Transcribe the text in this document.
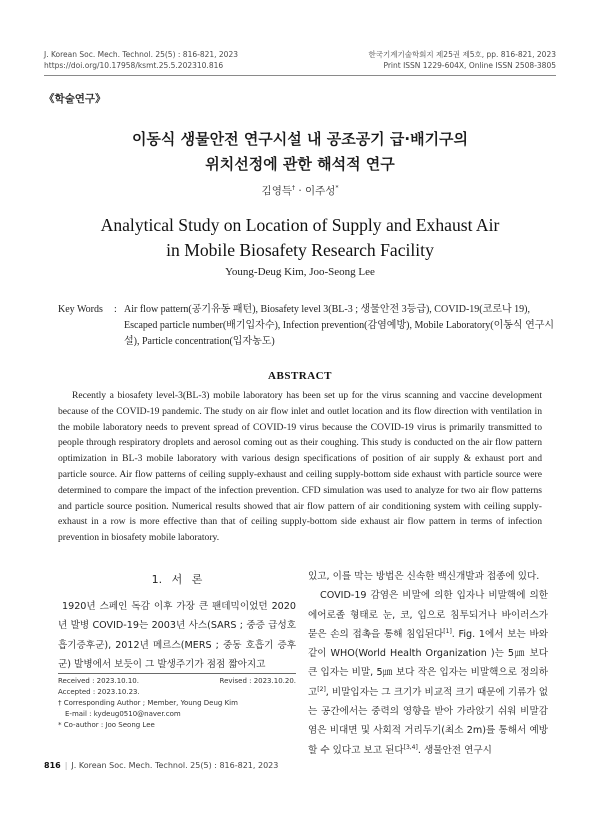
J. Korean Soc. Mech. Technol. 25(5) : 816-821, 2023
https://doi.org/10.17958/ksmt.25.5.202310.816
한국기계기술학회지 제25권 제5호, pp. 816-821, 2023
Print ISSN 1229-604X, Online ISSN 2508-3805
《학술연구》
이동식 생물안전 연구시설 내 공조공기 급·배기구의
위치선정에 관한 해석적 연구
김영득† · 이주성*
Analytical Study on Location of Supply and Exhaust Air
in Mobile Biosafety Research Facility
Young-Deug Kim, Joo-Seong Lee
Key Words	: Air flow pattern(공기유동 패턴), Biosafety level 3(BL-3 ; 생물안전 3등급), COVID-19(코로나 19), Escaped particle number(배기입자수), Infection prevention(감염예방), Mobile Laboratory(이동식 연구시설), Particle concentration(입자농도)
ABSTRACT

Recently a biosafety level-3(BL-3) mobile laboratory has been set up for the virus scanning and vaccine development because of the COVID-19 pandemic. The study on air flow inlet and outlet location and its flow direction with ventilation in the mobile laboratory needs to prevent spread of COVID-19 virus because the COVID-19 virus is primarily transmitted to people through respiratory droplets and aerosol coming out as their coughing. This study is conducted on the air flow pattern optimization in BL-3 mobile laboratory with various design specifications of position of air supply & exhaust port and particle source. Air flow patterns of ceiling supply-exhaust and ceiling supply-bottom side exhaust with particle source were determined to compare the impact of the infection prevention. CFD simulation was used to analyze for two air flow patterns and particle source position. Numerical results showed that air flow pattern of air conditioning system with ceiling supply-exhaust in a row is more effective than that of ceiling supply-bottom side exhaust air flow pattern in terms of infection prevention in biosafety mobile laboratory.

1. 서 론

1920년 스페인 독감 이후 가장 큰 팬데믹이었던 2020년 발병 COVID-19는 2003년 사스(SARS ; 중증 급성호흡기증후군), 2012년 메르스(MERS ; 중동 호흡기 증후군) 발병에서 보듯이 그 발생주기가 점점 짧아지고

있고, 이를 막는 방법은 신속한 백신개발과 접종에 있다.
COVID-19 감염은 비말에 의한 입자나 비말핵에 의한 에어로졸 형태로 눈, 코, 입으로 침투되거나 바이러스가 묻은 손의 접촉을 통해 침입된다[1]. Fig. 1에서 보는 바와 같이 WHO(World Health Organization )는 5㎛ 보다 큰 입자는 비말, 5㎛ 보다 작은 입자는 비말핵으로 정의하고[2], 비말입자는 그 크기가 비교적 크기 때문에 기류가 없는 공간에서는 중력의 영향을 받아 가라앉기 쉬워 비말감염은 비대면 및 사회적 거리두기(최소 2m)를 통해서 예방할 수 있다고 보고 된다[3,4]. 생물안전 연구시
Received : 2023.10.10.	Revised : 2023.10.20.
Accepted : 2023.10.23.
† Corresponding Author ; Member, Young Deug Kim
E-mail : kydeug0510@naver.com
* Co-author : Joo Seong Lee
816 | J. Korean Soc. Mech. Technol. 25(5) : 816-821, 2023
